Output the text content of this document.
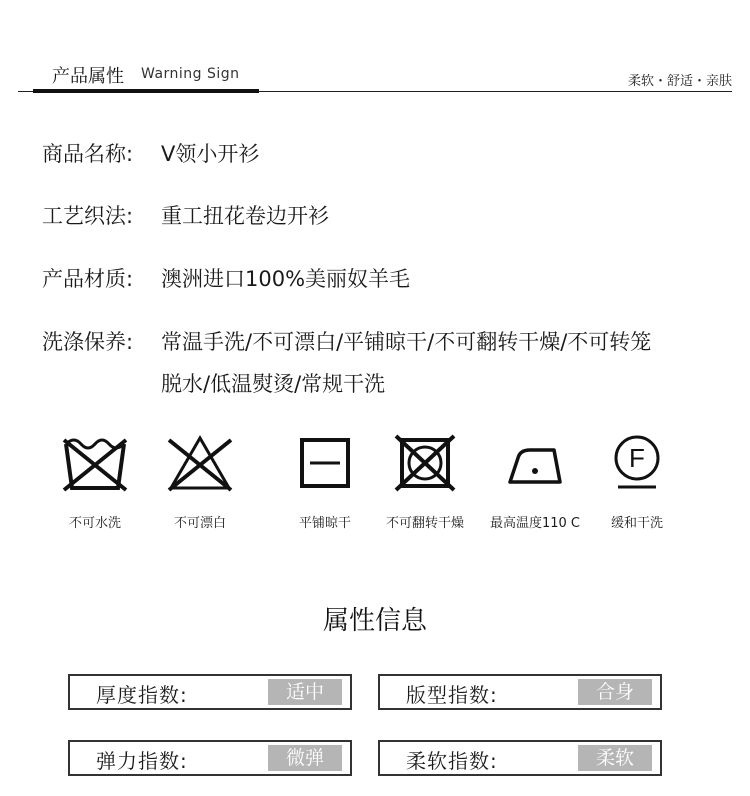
产品属性 Warning Sign	柔软・舒适・亲肤
商品名称: V领小开衫
工艺织法: 重工扭花卷边开衫
产品材质: 澳洲进口100%美丽奴羊毛
洗涤保养: 常温手洗/不可漂白/平铺晾干/不可翻转干燥/不可转笼
脱水/低温熨烫/常规干洗
不可水洗	不可漂白	平铺晾干	不可翻转干燥	最高温度110 C
F
缓和干洗
属性信息
厚度指数:	适中	版型指数:	合身
弹力指数:	微弹	柔软指数:	柔软
